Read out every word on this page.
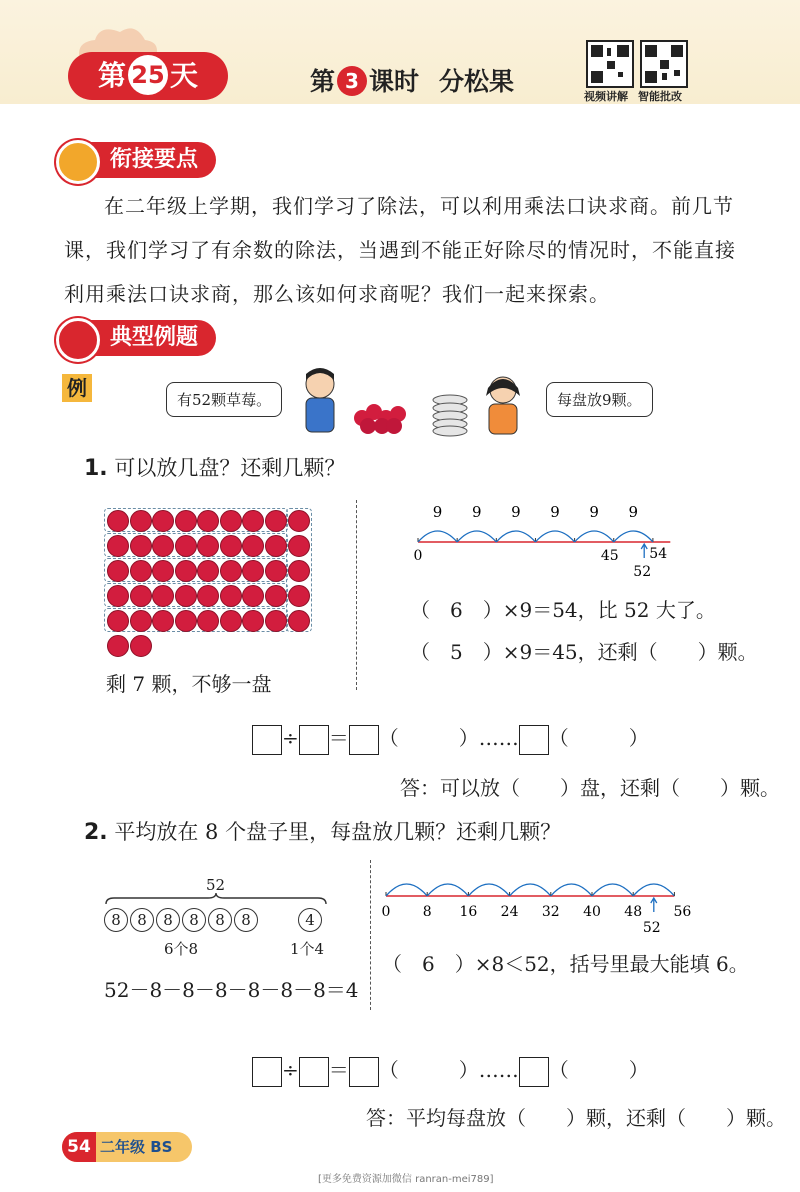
第 25 天	第 3 课时 分松果
视频讲解 智能批改
衔接要点
在二年级上学期，我们学习了除法，可以利用乘法口诀求商。前几节
课，我们学习了有余数的除法，当遇到不能正好除尽的情况时，不能直接
利用乘法口诀求商，那么该如何求商呢？我们一起来探索。
典型例题
例	有52颗草莓。	每盘放9颗。
1. 可以放几盘？还剩几颗？
剩 7 颗，不够一盘
9 9 9 9 9 9
0	45 54
52
（　6　）×9＝54，比 52 大了。
（　5　）×9＝45，还剩（　　）颗。
÷ ＝ （　　　）…… （　　　）
答：可以放（　　）盘，还剩（　　）颗。
2. 平均放在 8 个盘子里，每盘放几颗？还剩几颗？
52
8	8	8	8	8	8	4
6个8	1个4
52－8－8－8－8－8－8＝4
0 8 16 24 32 40 48 56
52
（　6　）×8＜52，括号里最大能填 6。
÷ ＝ （　　　）…… （　　　）
答：平均每盘放（　　）颗，还剩（　　）颗。
54 二年级 BS
[更多免费资源加微信 ranran-mei789]
